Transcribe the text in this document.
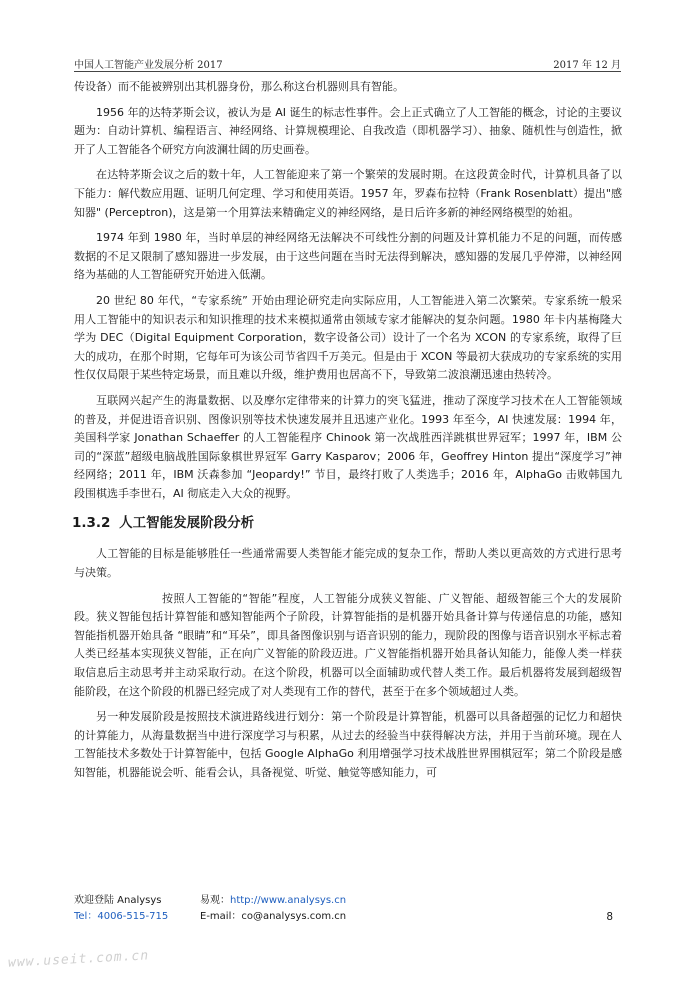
中国人工智能产业发展分析 2017	2017 年 12 月

传设备）而不能被辨别出其机器身份，那么称这台机器则具有智能。

1956 年的达特茅斯会议，被认为是 AI 诞生的标志性事件。会上正式确立了人工智能的概念，讨论的主要议题为：自动计算机、编程语言、神经网络、计算规模理论、自我改造（即机器学习）、抽象、随机性与创造性，掀开了人工智能各个研究方向波澜壮阔的历史画卷。

在达特茅斯会议之后的数十年，人工智能迎来了第一个繁荣的发展时期。在这段黄金时代，计算机具备了以下能力：解代数应用题、证明几何定理、学习和使用英语。1957 年，罗森布拉特（Frank Rosenblatt）提出"感知器" (Perceptron)，这是第一个用算法来精确定义的神经网络，是日后许多新的神经网络模型的始祖。

1974 年到 1980 年，当时单层的神经网络无法解决不可线性分割的问题及计算机能力不足的问题，而传感数据的不足又限制了感知器进一步发展，由于这些问题在当时无法得到解决，感知器的发展几乎停滞，以神经网络为基础的人工智能研究开始进入低潮。

20 世纪 80 年代，“专家系统” 开始由理论研究走向实际应用，人工智能进入第二次繁荣。专家系统一般采用人工智能中的知识表示和知识推理的技术来模拟通常由领域专家才能解决的复杂问题。1980 年卡内基梅隆大学为 DEC（Digital Equipment Corporation，数字设备公司）设计了一个名为 XCON 的专家系统，取得了巨大的成功，在那个时期，它每年可为该公司节省四千万美元。但是由于 XCON 等最初大获成功的专家系统的实用性仅仅局限于某些特定场景，而且难以升级，维护费用也居高不下，导致第二波浪潮迅速由热转冷。

互联网兴起产生的海量数据、以及摩尔定律带来的计算力的突飞猛进，推动了深度学习技术在人工智能领域的普及，并促进语音识别、图像识别等技术快速发展并且迅速产业化。1993 年至今，AI 快速发展：1994 年，美国科学家 Jonathan Schaeffer 的人工智能程序 Chinook 第一次战胜西洋跳棋世界冠军；1997 年，IBM 公司的“深蓝”超级电脑战胜国际象棋世界冠军 Garry Kasparov；2006 年，Geoffrey Hinton 提出“深度学习”神经网络；2011 年，IBM 沃森参加 “Jeopardy!” 节目，最终打败了人类选手；2016 年，AlphaGo 击败韩国九段围棋选手李世石，AI 彻底走入大众的视野。

1.3.2 人工智能发展阶段分析

人工智能的目标是能够胜任一些通常需要人类智能才能完成的复杂工作，帮助人类以更高效的方式进行思考与决策。

按照人工智能的“智能”程度，人工智能分成狭义智能、广义智能、超级智能三个大的发展阶段。狭义智能包括计算智能和感知智能两个子阶段，计算智能指的是机器开始具备计算与传递信息的功能，感知智能指机器开始具备 “眼睛”和“耳朵”，即具备图像识别与语音识别的能力，现阶段的图像与语音识别水平标志着人类已经基本实现狭义智能，正在向广义智能的阶段迈进。广义智能指机器开始具备认知能力，能像人类一样获取信息后主动思考并主动采取行动。在这个阶段，机器可以全面辅助或代替人类工作。最后机器将发展到超级智能阶段，在这个阶段的机器已经完成了对人类现有工作的替代，甚至于在多个领域超过人类。

另一种发展阶段是按照技术演进路线进行划分：第一个阶段是计算智能，机器可以具备超强的记忆力和超快的计算能力，从海量数据当中进行深度学习与积累，从过去的经验当中获得解决方法，并用于当前环境。现在人工智能技术多数处于计算智能中，包括 Google AlphaGo 利用增强学习技术战胜世界围棋冠军；第二个阶段是感知智能，机器能说会听、能看会认，具备视觉、听觉、触觉等感知能力，可

欢迎登陆 Analysys	易观：http://www.analysys.cn
Tel：4006-515-715	E-mail：co@analysys.com.cn	8
www.useit.com.cn
